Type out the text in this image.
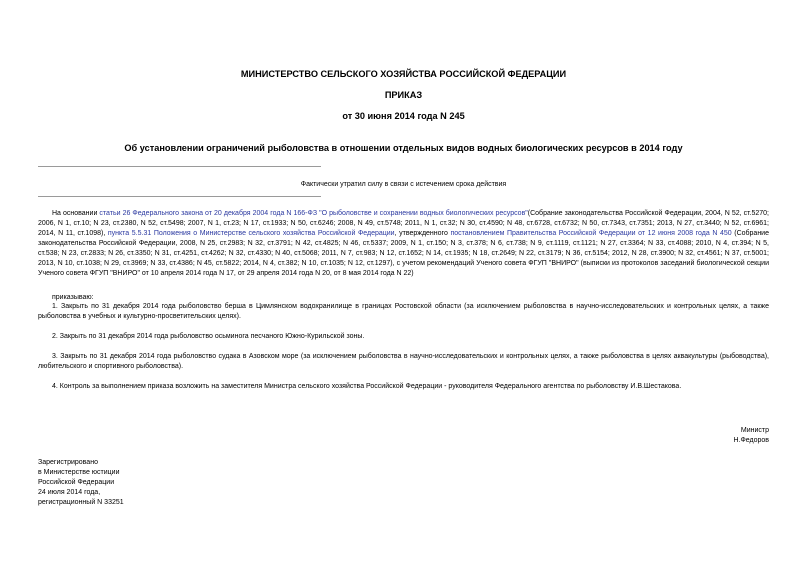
МИНИСТЕРСТВО СЕЛЬСКОГО ХОЗЯЙСТВА РОССИЙСКОЙ ФЕДЕРАЦИИ
ПРИКАЗ
от 30 июня 2014 года N 245
Об установлении ограничений рыболовства в отношении отдельных видов водных биологических ресурсов в 2014 году
Фактически утратил силу в связи с истечением срока действия
На основании статьи 26 Федерального закона от 20 декабря 2004 года N 166-ФЗ "О рыболовстве и сохранении водных биологических ресурсов"(Собрание законодательства Российской Федерации, 2004, N 52, ст.5270; 2006, N 1, ст.10; N 23, ст.2380, N 52, ст.5498; 2007, N 1, ст.23; N 17, ст.1933; N 50, ст.6246; 2008, N 49, ст.5748; 2011, N 1, ст.32; N 30, ст.4590; N 48, ст.6728, ст.6732; N 50, ст.7343, ст.7351; 2013, N 27, ст.3440; N 52, ст.6961; 2014, N 11, ст.1098), пункта 5.5.31 Положения о Министерстве сельского хозяйства Российской Федерации, утвержденного постановлением Правительства Российской Федерации от 12 июня 2008 года N 450 (Собрание законодательства Российской Федерации, 2008, N 25, ст.2983; N 32, ст.3791; N 42, ст.4825; N 46, ст.5337; 2009, N 1, ст.150; N 3, ст.378; N 6, ст.738; N 9, ст.1119, ст.1121; N 27, ст.3364; N 33, ст.4088; 2010, N 4, ст.394; N 5, ст.538; N 23, ст.2833; N 26, ст.3350; N 31, ст.4251, ст.4262; N 32, ст.4330; N 40, ст.5068; 2011, N 7, ст.983; N 12, ст.1652; N 14, ст.1935; N 18, ст.2649; N 22, ст.3179; N 36, ст.5154; 2012, N 28, ст.3900; N 32, ст.4561; N 37, ст.5001; 2013, N 10, ст.1038; N 29, ст.3969; N 33, ст.4386; N 45, ст.5822; 2014, N 4, ст.382; N 10, ст.1035; N 12, ст.1297), с учетом рекомендаций Ученого совета ФГУП "ВНИРО" (выписки из протоколов заседаний биологической секции Ученого совета ФГУП "ВНИРО" от 10 апреля 2014 года N 17, от 29 апреля 2014 года N 20, от 8 мая 2014 года N 22)
приказываю:
1. Закрыть по 31 декабря 2014 года рыболовство берша в Цимлянском водохранилище в границах Ростовской области (за исключением рыболовства в научно-исследовательских и контрольных целях, а также рыболовства в учебных и культурно-просветительских целях).
2. Закрыть по 31 декабря 2014 года рыболовство осьминога песчаного Южно-Курильской зоны.
3. Закрыть по 31 декабря 2014 года рыболовство судака в Азовском море (за исключением рыболовства в научно-исследовательских и контрольных целях, а также рыболовства в целях аквакультуры (рыбоводства), любительского и спортивного рыболовства).
4. Контроль за выполнением приказа возложить на заместителя Министра сельского хозяйства Российской Федерации - руководителя Федерального агентства по рыболовству И.В.Шестакова.
Министр
Н.Федоров
Зарегистрировано
в Министерстве юстиции
Российской Федерации
24 июля 2014 года,
регистрационный N 33251
